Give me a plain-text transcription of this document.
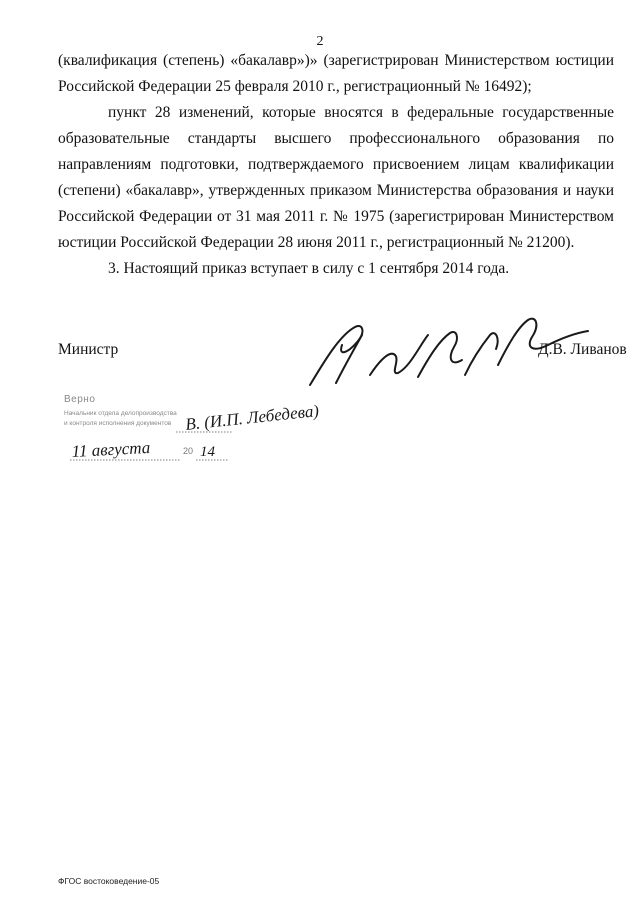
2

(квалификация (степень) «бакалавр»)» (зарегистрирован Министерством юстиции Российской Федерации 25 февраля 2010 г., регистрационный № 16492);

пункт 28 изменений, которые вносятся в федеральные государственные образовательные стандарты высшего профессионального образования по направлениям подготовки, подтверждаемого присвоением лицам квалификации (степени) «бакалавр», утвержденных приказом Министерства образования и науки Российской Федерации от 31 мая 2011 г. № 1975 (зарегистрирован Министерством юстиции Российской Федерации 28 июня 2011 г., регистрационный № 21200).

3. Настоящий приказ вступает в силу с 1 сентября 2014 года.

Министр	Д.В. Ливанов
Верно
Начальник отдела делопроизводства
и контроля исполнения документов
20
В. (И.П. Лебедева)
11 августа	14
ФГОС востоковедение-05
